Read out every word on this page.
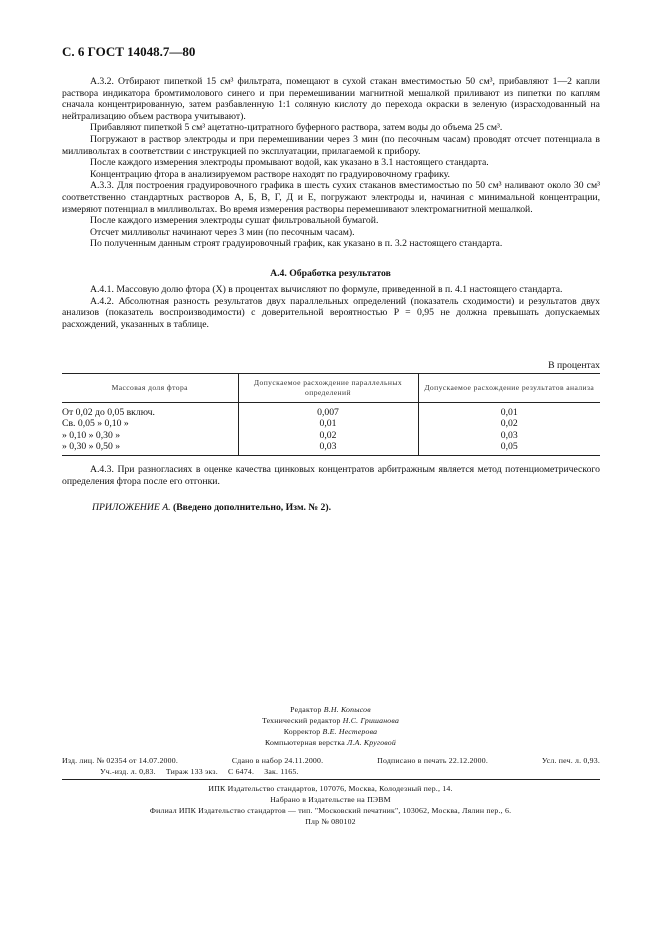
С. 6 ГОСТ 14048.7—80

А.3.2. Отбирают пипеткой 15 см³ фильтрата, помещают в сухой стакан вместимостью 50 см³, прибавляют 1—2 капли раствора индикатора бромтимолового синего и при перемешивании магнитной мешалкой приливают из пипетки по каплям сначала концентрированную, затем разбавленную 1:1 соляную кислоту до перехода окраски в зеленую (израсходованный на нейтрализацию объем раствора учитывают).

Прибавляют пипеткой 5 см³ ацетатно-цитратного буферного раствора, затем воды до объема 25 см³.

Погружают в раствор электроды и при перемешивании через 3 мин (по песочным часам) проводят отсчет потенциала в милливольтах в соответствии с инструкцией по эксплуатации, прилагаемой к прибору.

После каждого измерения электроды промывают водой, как указано в 3.1 настоящего стандарта.

Концентрацию фтора в анализируемом растворе находят по градуировочному графику.

А.3.3. Для построения градуировочного графика в шесть сухих стаканов вместимостью по 50 см³ наливают около 30 см³ соответственно стандартных растворов А, Б, В, Г, Д и Е, погружают электроды и, начиная с минимальной концентрации, измеряют потенциал в милливольтах. Во время измерения растворы перемешивают электромагнитной мешалкой.

После каждого измерения электроды сушат фильтровальной бумагой.

Отсчет милливольт начинают через 3 мин (по песочным часам).

По полученным данным строят градуировочный график, как указано в п. 3.2 настоящего стандарта.

А.4. Обработка результатов

А.4.1. Массовую долю фтора (X) в процентах вычисляют по формуле, приведенной в п. 4.1 настоящего стандарта.

А.4.2. Абсолютная разность результатов двух параллельных определений (показатель сходимости) и результатов двух анализов (показатель воспроизводимости) с доверительной вероятностью P = 0,95 не должна превышать допускаемых расхождений, указанных в таблице.

В процентах
Массовая доля фтора	Допускаемое расхождение параллельных определений	Допускаемое расхождение результатов анализа
От 0,02 до 0,05 включ.	0,007	0,01
Св. 0,05 » 0,10 »	0,01	0,02
» 0,10 » 0,30 »	0,02	0,03
» 0,30 » 0,50 »	0,03	0,05

А.4.3. При разногласиях в оценке качества цинковых концентратов арбитражным является метод потенциометрического определения фтора после его отгонки.

ПРИЛОЖЕНИЕ А. (Введено дополнительно, Изм. № 2).
Редактор В.Н. Копысов
Технический редактор Н.С. Гришанова
Корректор В.Е. Нестерова
Компьютерная верстка Л.А. Круговой
Изд. лиц. № 02354 от 14.07.2000.	Сдано в набор 24.11.2000.	Подписано в печать 22.12.2000.	Усл. печ. л. 0,93.
Уч.-изд. л. 0,83. Тираж 133 экз. С 6474. Зак. 1165.
ИПК Издательство стандартов, 107076, Москва, Колодезный пер., 14.
Набрано в Издательстве на ПЭВМ
Филиал ИПК Издательство стандартов — тип. "Московский печатник", 103062, Москва, Лялин пер., 6.
Плр № 080102
